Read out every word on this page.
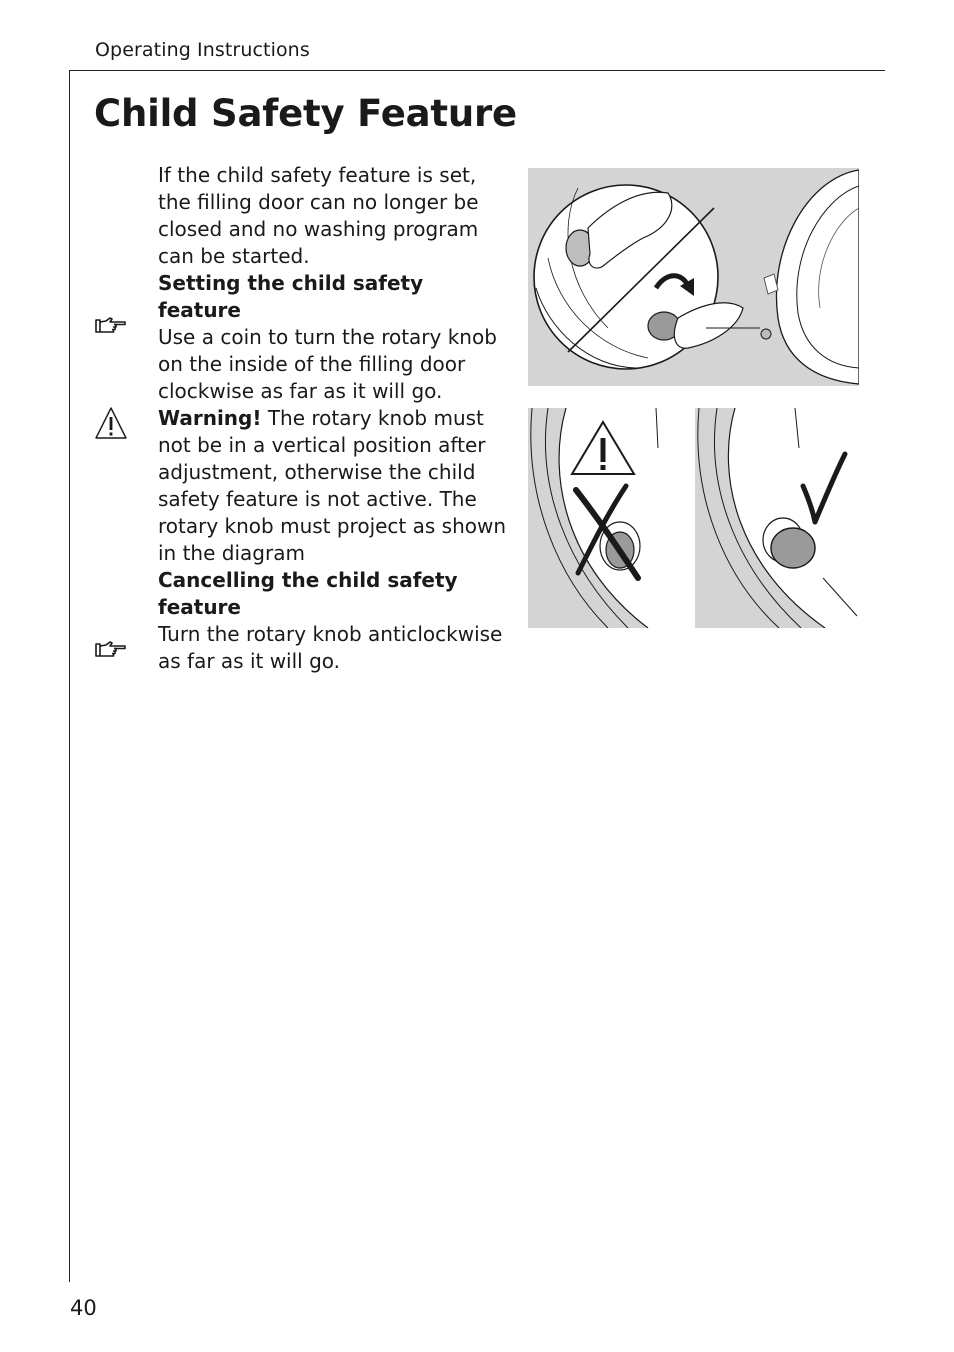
Operating Instructions
Child Safety Feature

If the child safety feature is set, the filling door can no longer be closed and no washing program can be started.

Setting the child safety feature

Use a coin to turn the rotary knob on the inside of the filling door clockwise as far as it will go.

Warning! The rotary knob must not be in a vertical position after adjustment, otherwise the child safety feature is not active. The rotary knob must project as shown in the diagram

Cancelling the child safety feature

Turn the rotary knob anticlockwise as far as it will go.

40
